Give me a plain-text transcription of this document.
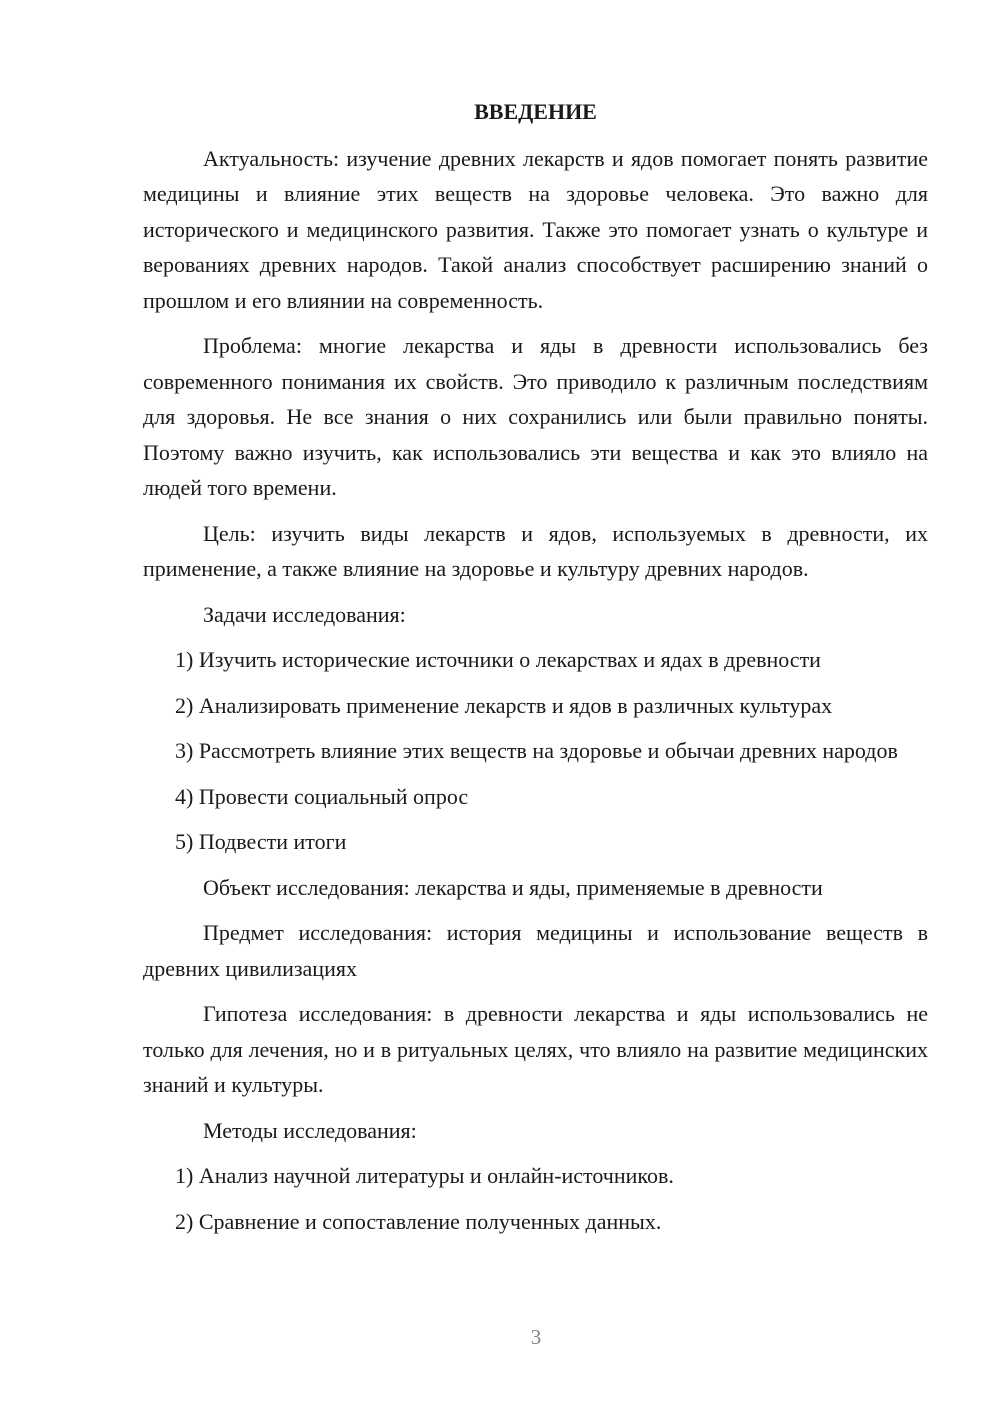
ВВЕДЕНИЕ
Актуальность: изучение древних лекарств и ядов помогает понять развитие медицины и влияние этих веществ на здоровье человека. Это важно для исторического и медицинского развития. Также это помогает узнать о культуре и верованиях древних народов. Такой анализ способствует расширению знаний о прошлом и его влиянии на современность.
Проблема: многие лекарства и яды в древности использовались без современного понимания их свойств. Это приводило к различным последствиям для здоровья. Не все знания о них сохранились или были правильно поняты. Поэтому важно изучить, как использовались эти вещества и как это влияло на людей того времени.
Цель: изучить виды лекарств и ядов, используемых в древности, их применение, а также влияние на здоровье и культуру древних народов.
Задачи исследования:
1) Изучить исторические источники о лекарствах и ядах в древности
2) Анализировать применение лекарств и ядов в различных культурах
3) Рассмотреть влияние этих веществ на здоровье и обычаи древних народов
4) Провести социальный опрос
5) Подвести итоги
Объект исследования: лекарства и яды, применяемые в древности
Предмет исследования: история медицины и использование веществ в древних цивилизациях
Гипотеза исследования: в древности лекарства и яды использовались не только для лечения, но и в ритуальных целях, что влияло на развитие медицинских знаний и культуры.
Методы исследования:
1) Анализ научной литературы и онлайн-источников.
2) Сравнение и сопоставление полученных данных.
3
